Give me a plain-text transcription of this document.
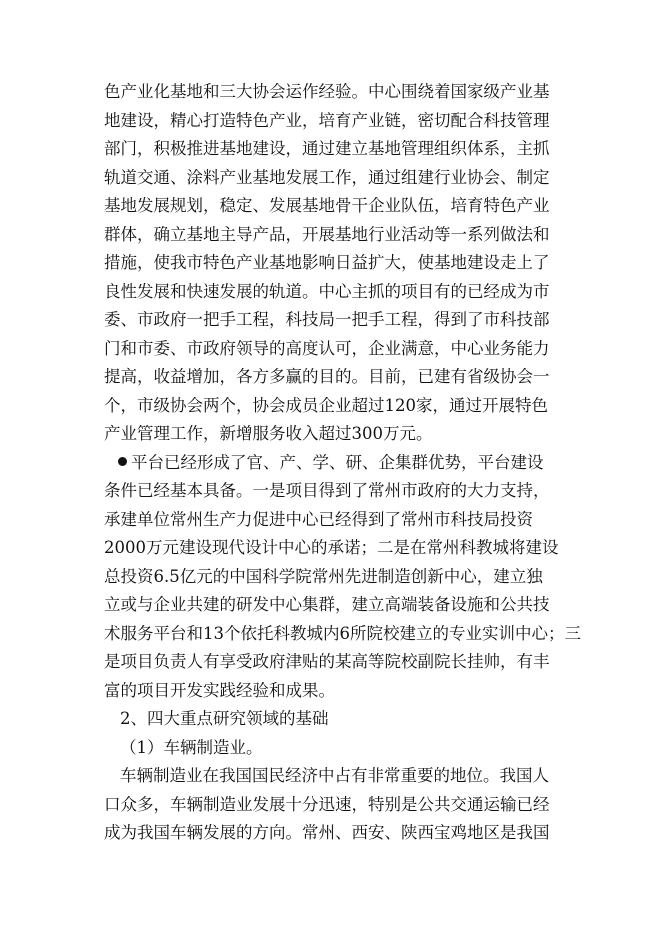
色产业化基地和三大协会运作经验。中心围绕着国家级产业基
地建设，精心打造特色产业，培育产业链，密切配合科技管理
部门，积极推进基地建设，通过建立基地管理组织体系，主抓
轨道交通、涂料产业基地发展工作，通过组建行业协会、制定
基地发展规划，稳定、发展基地骨干企业队伍，培育特色产业
群体，确立基地主导产品，开展基地行业活动等一系列做法和
措施，使我市特色产业基地影响日益扩大，使基地建设走上了
良性发展和快速发展的轨道。中心主抓的项目有的已经成为市
委、市政府一把手工程，科技局一把手工程，得到了市科技部
门和市委、市政府领导的高度认可，企业满意，中心业务能力
提高，收益增加，各方多赢的目的。目前，已建有省级协会一
个，市级协会两个，协会成员企业超过120家，通过开展特色
产业管理工作，新增服务收入超过300万元。
平台已经形成了官、产、学、研、企集群优势，平台建设
条件已经基本具备。一是项目得到了常州市政府的大力支持，
承建单位常州生产力促进中心已经得到了常州市科技局投资
2000万元建设现代设计中心的承诺；二是在常州科教城将建设
总投资6.5亿元的中国科学院常州先进制造创新中心，建立独
立或与企业共建的研发中心集群，建立高端装备设施和公共技
术服务平台和13个依托科教城内6所院校建立的专业实训中心；三
是项目负责人有享受政府津贴的某高等院校副院长挂帅，有丰
富的项目开发实践经验和成果。
2、四大重点研究领域的基础
（1）车辆制造业。
车辆制造业在我国国民经济中占有非常重要的地位。我国人
口众多，车辆制造业发展十分迅速，特别是公共交通运输已经
成为我国车辆发展的方向。常州、西安、陕西宝鸡地区是我国
